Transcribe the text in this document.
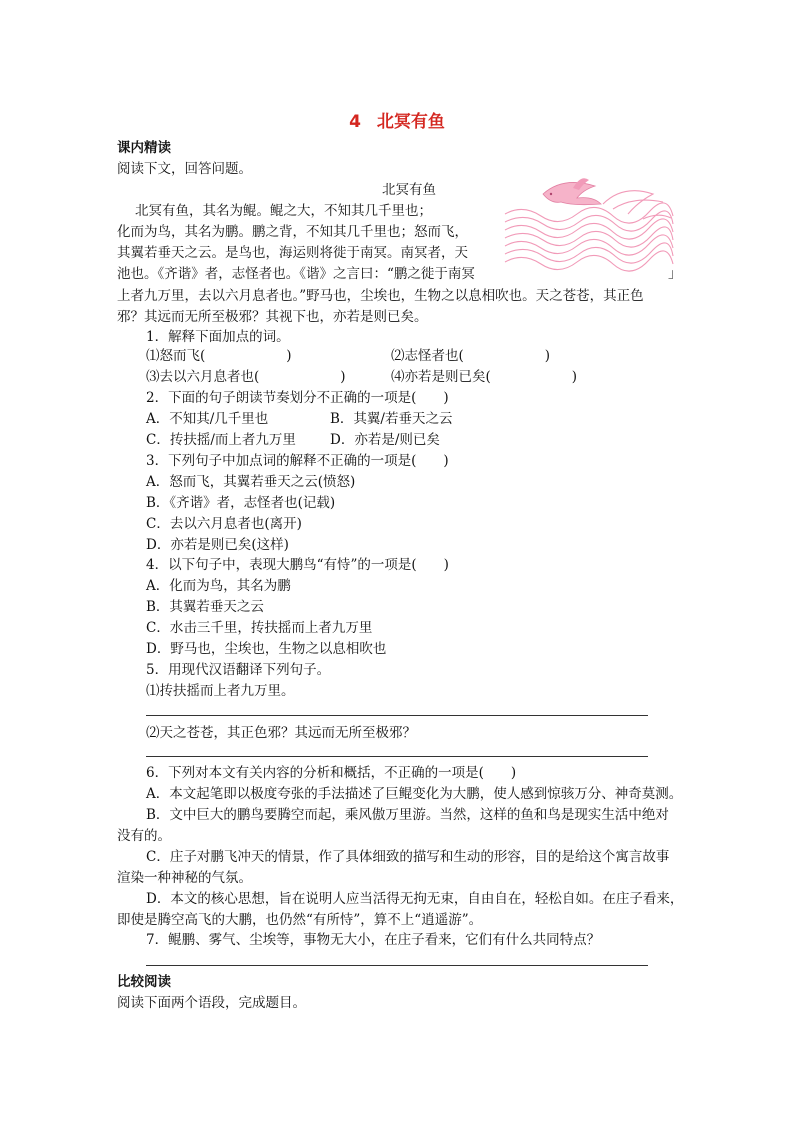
4 北冥有鱼
课内精读
阅读下文，回答问题。
北冥有鱼
北冥有鱼，其名为鲲。鲲之大，不知其几千里也；
化而为鸟，其名为鹏。鹏之背，不知其几千里也；怒而飞，
其翼若垂天之云。是鸟也，海运则将徙于南冥。南冥者，天
池也。《齐谐》者，志怪者也。《谐》之言曰：“鹏之徙于南冥	」
上者九万里，去以六月息者也。”野马也，尘埃也，生物之以息相吹也。天之苍苍，其正色
邪？其远而无所至极邪？其视下也，亦若是则已矣。
1．解释下面加点的词。
⑴怒而飞(　　　　　　)	⑵志怪者也(　　　　　　)
⑶去以六月息者也(　　　　　　)	⑷亦若是则已矣(　　　　　　)
2．下面的句子朗读节奏划分不正确的一项是(　　)
A．不知其/几千里也	B．其翼/若垂天之云
C．抟扶摇/而上者九万里	D．亦若是/则已矣
3．下列句子中加点词的解释不正确的一项是(　　)
A．怒而飞，其翼若垂天之云(愤怒)
B．《齐谐》者，志怪者也(记载)
C．去以六月息者也(离开)
D．亦若是则已矣(这样)
4．以下句子中，表现大鹏鸟“有恃”的一项是(　　)
A．化而为鸟，其名为鹏
B．其翼若垂天之云
C．水击三千里，抟扶摇而上者九万里
D．野马也，尘埃也，生物之以息相吹也
5．用现代汉语翻译下列句子。
⑴抟扶摇而上者九万里。
⑵天之苍苍，其正色邪？其远而无所至极邪？
6．下列对本文有关内容的分析和概括，不正确的一项是(　　)
A．本文起笔即以极度夸张的手法描述了巨鲲变化为大鹏，使人感到惊骇万分、神奇莫测。
B．文中巨大的鹏鸟要腾空而起，乘风傲万里游。当然，这样的鱼和鸟是现实生活中绝对
没有的。
C．庄子对鹏飞冲天的情景，作了具体细致的描写和生动的形容，目的是给这个寓言故事
渲染一种神秘的气氛。
D．本文的核心思想，旨在说明人应当活得无拘无束，自由自在，轻松自如。在庄子看来，
即使是腾空高飞的大鹏，也仍然“有所恃”，算不上“逍遥游”。
7．鲲鹏、雾气、尘埃等，事物无大小，在庄子看来，它们有什么共同特点？
比较阅读
阅读下面两个语段，完成题目。
